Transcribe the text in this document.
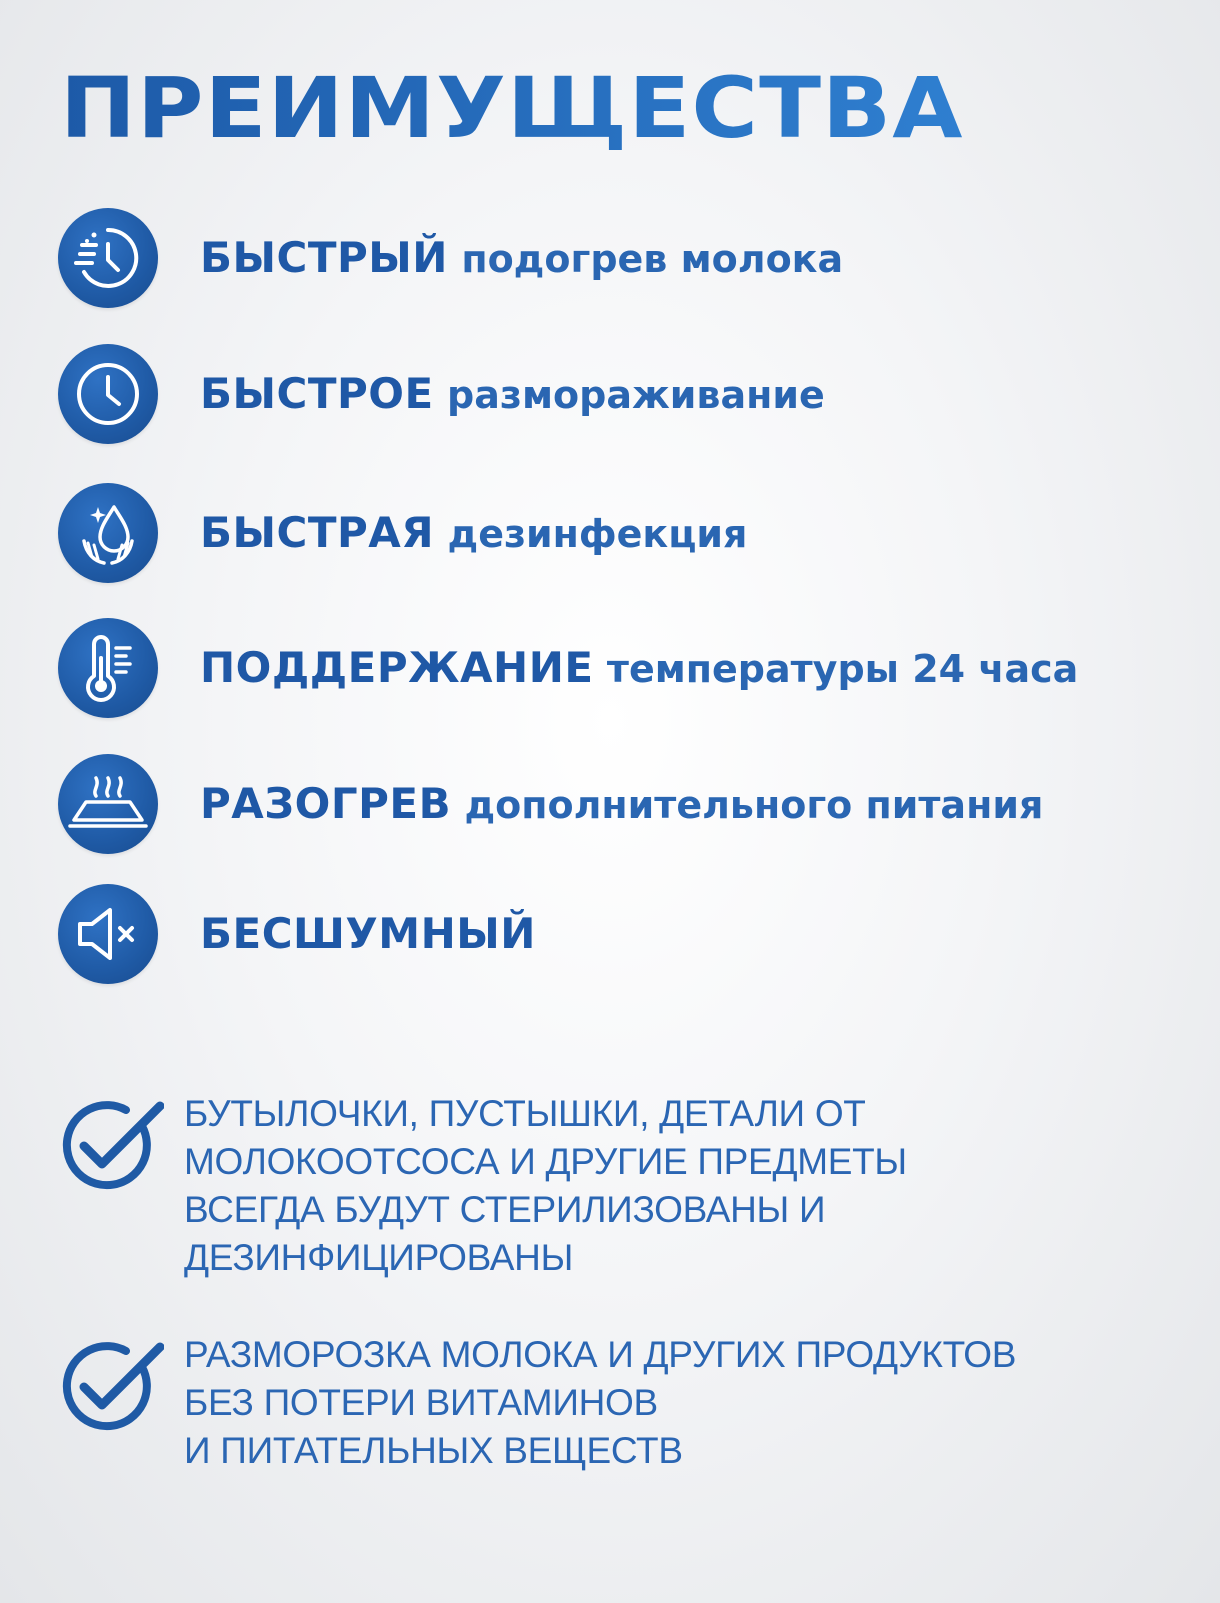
ПРЕИМУЩЕСТВА
БЫСТРЫЙ подогрев молока
БЫСТРОЕ размораживание
БЫСТРАЯ дезинфекция
ПОДДЕРЖАНИЕ температуры 24 часа
РАЗОГРЕВ дополнительного питания
БЕСШУМНЫЙ
БУТЫЛОЧКИ, ПУСТЫШКИ, ДЕТАЛИ ОТ
МОЛОКООТСОСА И ДРУГИЕ ПРЕДМЕТЫ
ВСЕГДА БУДУТ СТЕРИЛИЗОВАНЫ И
ДЕЗИНФИЦИРОВАНЫ
РАЗМОРОЗКА МОЛОКА И ДРУГИХ ПРОДУКТОВ
БЕЗ ПОТЕРИ ВИТАМИНОВ
И ПИТАТЕЛЬНЫХ ВЕЩЕСТВ
